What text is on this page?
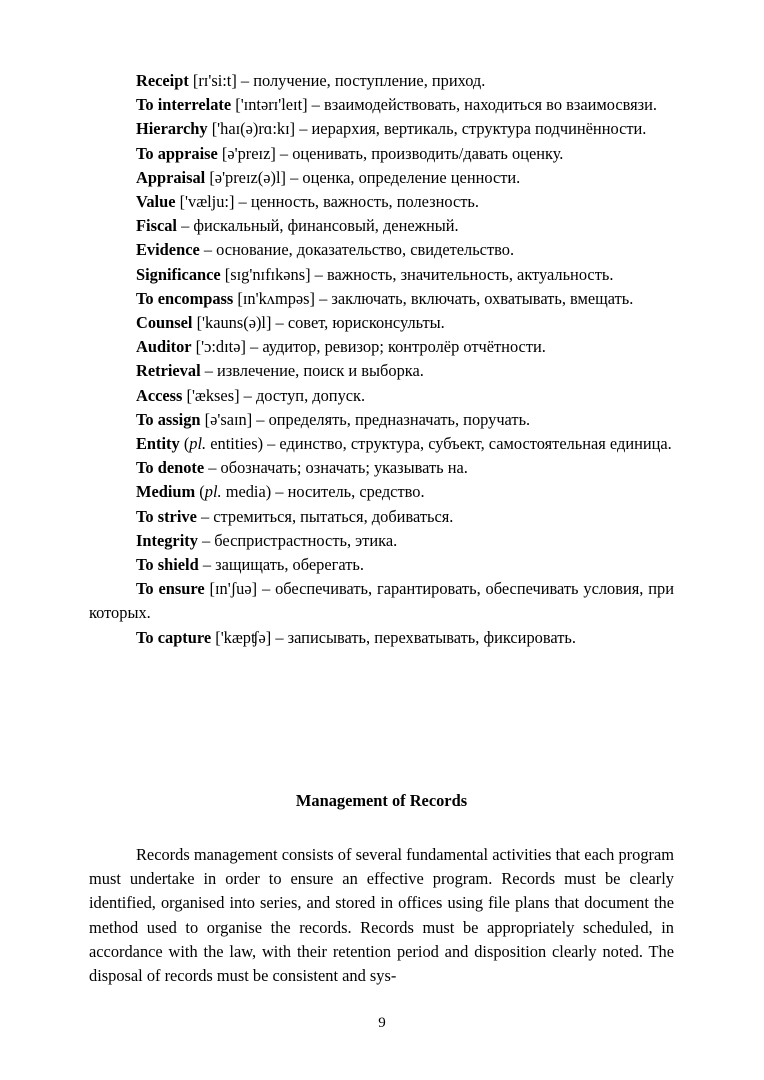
Receipt [rɪ'si:t] – получение, поступление, приход.

To interrelate ['ɪntərɪ'leɪt] – взаимодействовать, находиться во взаимосвязи.

Hierarchy ['haɪ(ə)rɑ:kɪ] – иерархия, вертикаль, структура подчинённости.

To appraise [ə'preɪz] – оценивать, производить/давать оценку.

Appraisal [ə'preɪz(ə)l] – оценка, определение ценности.

Value ['vælju:] – ценность, важность, полезность.

Fiscal – фискальный, финансовый, денежный.

Evidence – основание, доказательство, свидетельство.

Significance [sɪg'nɪfɪkəns] – важность, значительность, актуальность.

To encompass [ɪn'kʌmpəs] – заключать, включать, охватывать, вмещать.

Counsel ['kauns(ə)l] – совет, юрисконсульты.

Auditor ['ɔ:dɪtə] – аудитор, ревизор; контролёр отчётности.

Retrieval – извлечение, поиск и выборка.

Access ['ækses] – доступ, допуск.

To assign [ə'saɪn] – определять, предназначать, поручать.

Entity (pl. entities) – единство, структура, субъект, самостоятельная единица.

To denote – обозначать; означать; указывать на.

Medium (pl. media) – носитель, средство.

To strive – стремиться, пытаться, добиваться.

Integrity – беспристрастность, этика.

To shield – защищать, оберегать.

To ensure [ɪn'ʃuə] – обеспечивать, гарантировать, обеспечивать условия, при которых.

To capture ['kæpʧə] – записывать, перехватывать, фиксировать.

Management of Records

Records management consists of several fundamental activities that each program must undertake in order to ensure an effective program. Records must be clearly identified, organised into series, and stored in offices using file plans that document the method used to organise the records. Records must be appropriately scheduled, in accordance with the law, with their retention period and disposition clearly noted. The disposal of records must be consistent and sys-

9
